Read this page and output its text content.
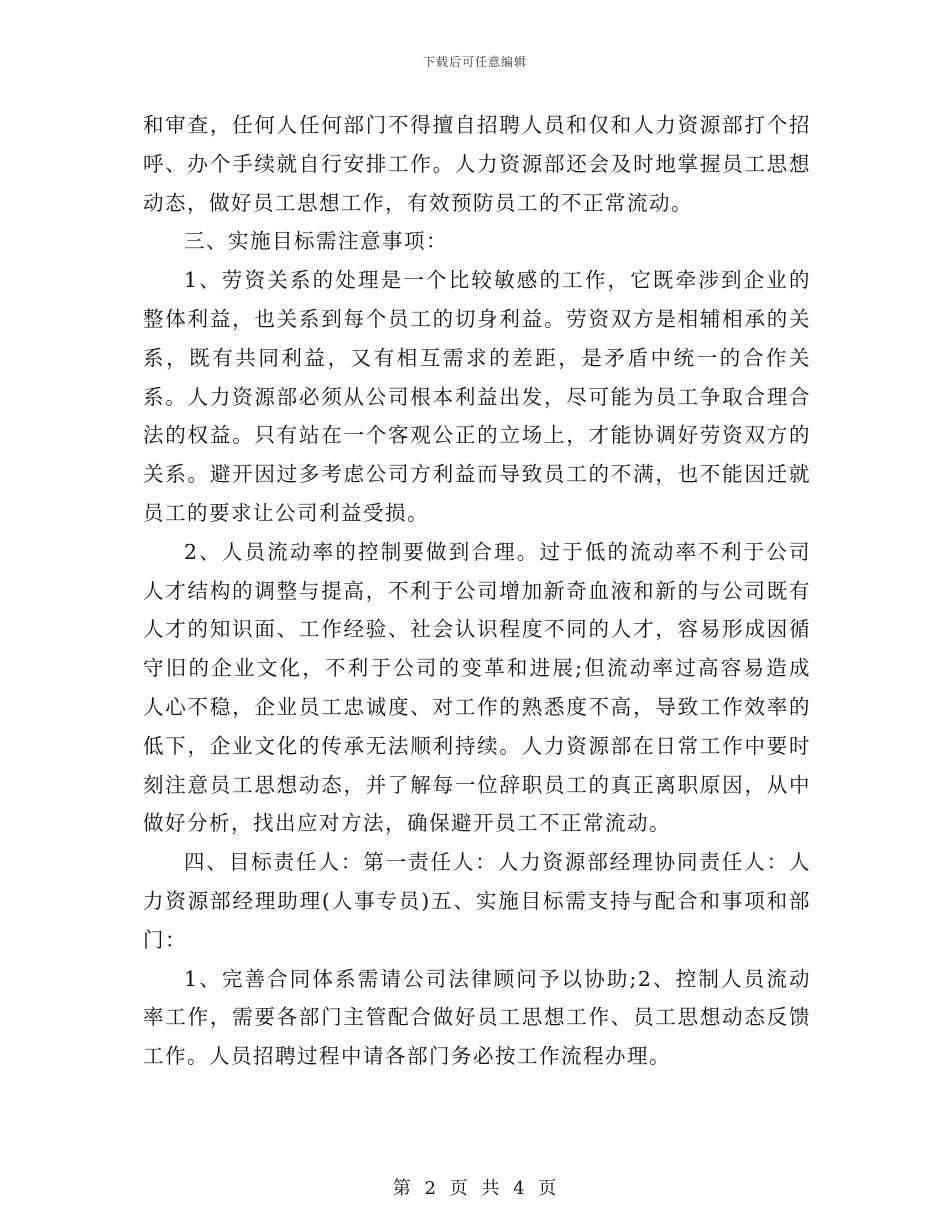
下载后可任意编辑

和审查，任何人任何部门不得擅自招聘人员和仅和人力资源部打个招呼、办个手续就自行安排工作。人力资源部还会及时地掌握员工思想动态，做好员工思想工作，有效预防员工的不正常流动。

三、实施目标需注意事项：

1、劳资关系的处理是一个比较敏感的工作，它既牵涉到企业的整体利益，也关系到每个员工的切身利益。劳资双方是相辅相承的关系，既有共同利益，又有相互需求的差距，是矛盾中统一的合作关系。人力资源部必须从公司根本利益出发，尽可能为员工争取合理合法的权益。只有站在一个客观公正的立场上，才能协调好劳资双方的关系。避开因过多考虑公司方利益而导致员工的不满，也不能因迁就员工的要求让公司利益受损。

2、人员流动率的控制要做到合理。过于低的流动率不利于公司人才结构的调整与提高，不利于公司增加新奇血液和新的与公司既有人才的知识面、工作经验、社会认识程度不同的人才，容易形成因循守旧的企业文化，不利于公司的变革和进展;但流动率过高容易造成人心不稳，企业员工忠诚度、对工作的熟悉度不高，导致工作效率的低下，企业文化的传承无法顺利持续。人力资源部在日常工作中要时刻注意员工思想动态，并了解每一位辞职员工的真正离职原因，从中做好分析，找出应对方法，确保避开员工不正常流动。

四、目标责任人：第一责任人：人力资源部经理协同责任人：人力资源部经理助理(人事专员)五、实施目标需支持与配合和事项和部门：

1、完善合同体系需请公司法律顾问予以协助;2、控制人员流动率工作，需要各部门主管配合做好员工思想工作、员工思想动态反馈工作。人员招聘过程中请各部门务必按工作流程办理。

第 2 页 共 4 页
